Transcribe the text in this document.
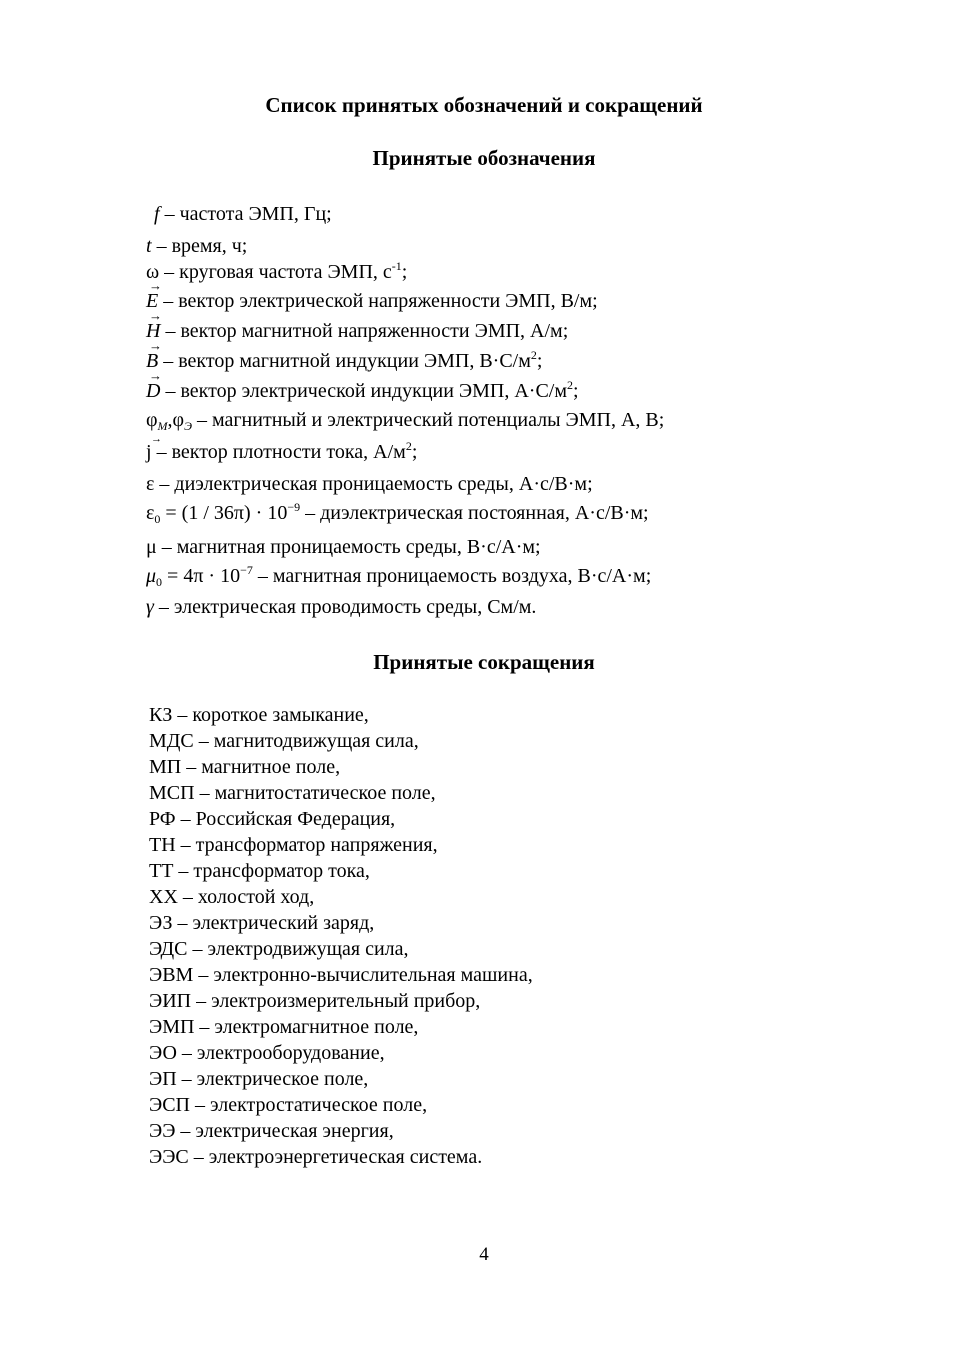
Список принятых обозначений и сокращений
Принятые обозначения
f – частота ЭМП, Гц;
t – время, ч;
ω – круговая частота ЭМП, $с^{-1}$;
→ E – вектор электрической напряженности ЭМП, В/м;
→ H – вектор магнитной напряженности ЭМП, А/м;
→ B – вектор магнитной индукции ЭМП, $В\cdot С/м^2$;
→ D – вектор электрической индукции ЭМП, $А\cdot С/м^2$;
$\varphi_М,\varphi_Э$ – магнитный и электрический потенциалы ЭМП, А, В;
j → – вектор плотности тока, $А/м^2$;
ε – диэлектрическая проницаемость среды, А·с/В·м;
$\varepsilon_0 = (1 / 36\pi) \cdot 10^{-9}$ – диэлектрическая постоянная, А·с/В·м;
μ – магнитная проницаемость среды, В·с/А·м;
$\mu_0 = 4\pi \cdot 10^{-7}$ – магнитная проницаемость воздуха, В·с/А·м;
γ – электрическая проводимость среды, См/м.
Принятые сокращения
КЗ – короткое замыкание,
МДС – магнитодвижущая сила,
МП – магнитное поле,
МСП – магнитостатическое поле,
РФ – Российская Федерация,
ТН – трансформатор напряжения,
ТТ – трансформатор тока,
ХХ – холостой ход,
ЭЗ – электрический заряд,
ЭДС – электродвижущая сила,
ЭВМ – электронно-вычислительная машина,
ЭИП – электроизмерительный прибор,
ЭМП – электромагнитное поле,
ЭО – электрооборудование,
ЭП – электрическое поле,
ЭСП – электростатическое поле,
ЭЭ – электрическая энергия,
ЭЭС – электроэнергетическая система.
4
